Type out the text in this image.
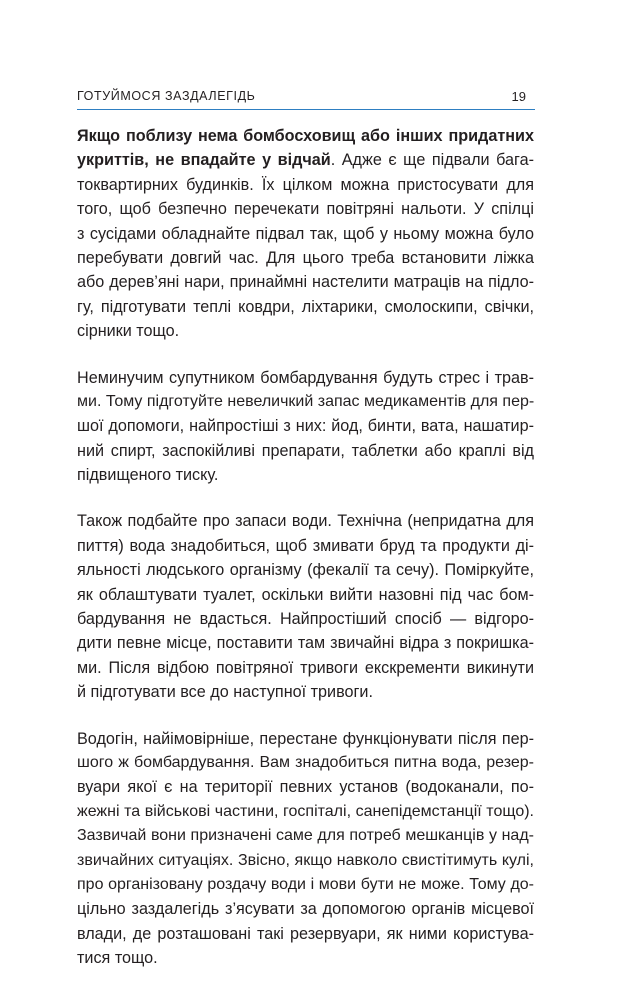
ГОТУЙМОСЯ ЗАЗДАЛЕГІДЬ	19
Якщо поблизу нема бомбосховищ або інших придатних
укриттів, не впадайте у відчай. Адже є ще підвали бага-
токвартирних будинків. Їх цілком можна пристосувати для
того, щоб безпечно перечекати повітряні нальоти. У спілці
з сусідами обладнайте підвал так, щоб у ньому можна було
перебувати довгий час. Для цього треба встановити ліжка
або дерев’яні нари, принаймні настелити матраців на підло-
гу, підготувати теплі ковдри, ліхтарики, смолоскипи, свічки,
сірники тощо.
Неминучим супутником бомбардування будуть стрес і трав-
ми. Тому підготуйте невеличкий запас медикаментів для пер-
шої допомоги, найпростіші з них: йод, бинти, вата, нашатир-
ний спирт, заспокійливі препарати, таблетки або краплі від
підвищеного тиску.
Також подбайте про запаси води. Технічна (непридатна для
пиття) вода знадобиться, щоб змивати бруд та продукти ді-
яльності людського організму (фекалії та сечу). Поміркуйте,
як облаштувати туалет, оскільки вийти назовні під час бом-
бардування не вдасться. Найпростіший спосіб — відгоро-
дити певне місце, поставити там звичайні відра з покришка-
ми. Після відбою повітряної тривоги екскременти викинути
й підготувати все до наступної тривоги.
Водогін, найімовірніше, перестане функціонувати після пер-
шого ж бомбардування. Вам знадобиться питна вода, резер-
вуари якої є на території певних установ (водоканали, по-
жежні та військові частини, госпіталі, санепідемстанції тощо).
Зазвичай вони призначені саме для потреб мешканців у над-
звичайних ситуаціях. Звісно, якщо навколо свистітимуть кулі,
про організовану роздачу води і мови бути не може. Тому до-
цільно заздалегідь з’ясувати за допомогою органів місцевої
влади, де розташовані такі резервуари, як ними користува-
тися тощо.
